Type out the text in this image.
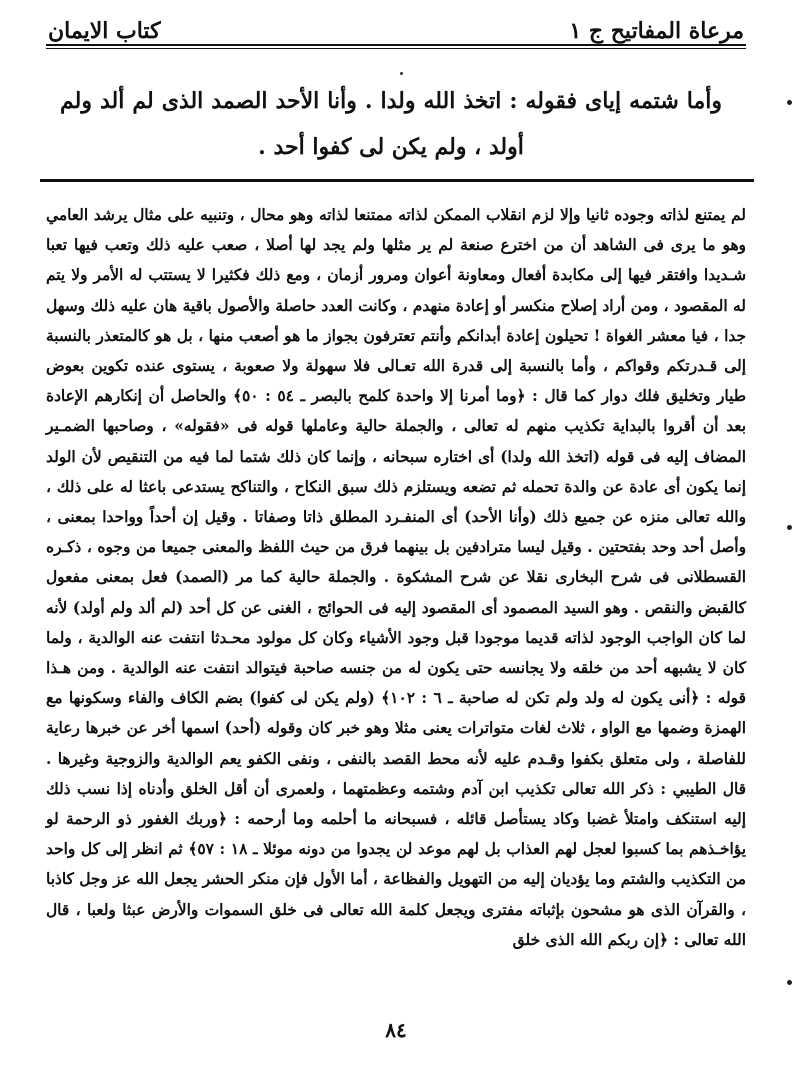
مرعاة المفاتيح ج ١
كتاب الايمان
وأما شتمه إياى فقوله : اتخذ الله ولدا . وأنا الأحد الصمد الذى لم ألد ولم أولد ، ولم يكن لى كفوا أحد .

لم يمتنع لذاته وجوده ثانيا وإلا لزم انقلاب الممكن لذاته ممتنعا لذاته وهو محال ، وتنبيه على مثال يرشد العامي وهو ما يرى فى الشاهد أن من اخترع صنعة لم ير مثلها ولم يجد لها أصلا ، صعب عليه ذلك وتعب فيها تعبا شـديدا وافتقر فيها إلى مكابدة أفعال ومعاونة أعوان ومرور أزمان ، ومع ذلك فكثيرا لا يستتب له الأمر ولا يتم له المقصود ، ومن أراد إصلاح منكسر أو إعادة منهدم ، وكانت العدد حاصلة والأصول باقية هان عليه ذلك وسهل جدا ، فيا معشر الغواة ! تحيلون إعادة أبدانكم وأنتم تعترفون بجواز ما هو أصعب منها ، بل هو كالمتعذر بالنسبة إلى قـدرتكم وقواكم ، وأما بالنسبة إلى قدرة الله تعـالى فلا سهولة ولا صعوبة ، يستوى عنده تكوين بعوض طيار وتخليق فلك دوار كما قال : ﴿وما أمرنا إلا واحدة كلمح بالبصر ـ ٥٤ : ٥٠﴾ والحاصل أن إنكارهم الإعادة بعد أن أقروا بالبداية تكذيب منهم له تعالى ، والجملة حالية وعاملها قوله فى «فقوله» ، وصاحبها الضمـير المضاف إليه فى قوله (اتخذ الله ولدا) أى اختاره سبحانه ، وإنما كان ذلك شتما لما فيه من التنقيص لأن الولد إنما يكون أى عادة عن والدة تحمله ثم تضعه ويستلزم ذلك سبق النكاح ، والتناكح يستدعى باعثا له على ذلك ، والله تعالى منزه عن جميع ذلك (وأنا الأحد) أى المنفـرد المطلق ذاتا وصفاتا . وقيل إن أحداً وواحدا بمعنى ، وأصل أحد وحد بفتحتين . وقيل ليسا مترادفين بل بينهما فرق من حيث اللفظ والمعنى جميعا من وجوه ، ذكـره القسطلانى فى شرح البخارى نقلا عن شرح المشكوة . والجملة حالية كما مر (الصمد) فعل بمعنى مفعول كالقبض والنقص . وهو السيد المصمود أى المقصود إليه فى الحوائج ، الغنى عن كل أحد (لم ألد ولم أولد) لأنه لما كان الواجب الوجود لذاته قديما موجودا قبل وجود الأشياء وكان كل مولود محـدثا انتفت عنه الوالدية ، ولما كان لا يشبهه أحد من خلقه ولا يجانسه حتى يكون له من جنسه صاحبة فيتوالد انتفت عنه الوالدية . ومن هـذا قوله : ﴿أنى يكون له ولد ولم تكن له صاحبة ـ ٦ : ١٠٢﴾ (ولم يكن لى كفوا) بضم الكاف والفاء وسكونها مع الهمزة وضمها مع الواو ، ثلاث لغات متواترات يعنى مثلا وهو خبر كان وقوله (أحد) اسمها أخر عن خبرها رعاية للفاصلة ، ولى متعلق بكفوا وقـدم عليه لأنه محط القصد بالنفى ، ونفى الكفو يعم الوالدية والزوجية وغيرها . قال الطيبي : ذكر الله تعالى تكذيب ابن آدم وشتمه وعظمتهما ، ولعمرى أن أقل الخلق وأدناه إذا نسب ذلك إليه استنكف وامتلأ غضبا وكاد يستأصل قائله ، فسبحانه ما أحلمه وما أرحمه : ﴿وربك الغفور ذو الرحمة لو يؤاخـذهم بما كسبوا لعجل لهم العذاب بل لهم موعد لن يجدوا من دونه موئلا ـ ١٨ : ٥٧﴾ ثم انظر إلى كل واحد من التكذيب والشتم وما يؤديان إليه من التهويل والفظاعة ، أما الأول فإن منكر الحشر يجعل الله عز وجل كاذبا ، والقرآن الذى هو مشحون بإثباته مفترى ويجعل كلمة الله تعالى فى خلق السموات والأرض عبثا ولعبا ، قال الله تعالى : ﴿إن ربكم الله الذى خلق

٨٤
